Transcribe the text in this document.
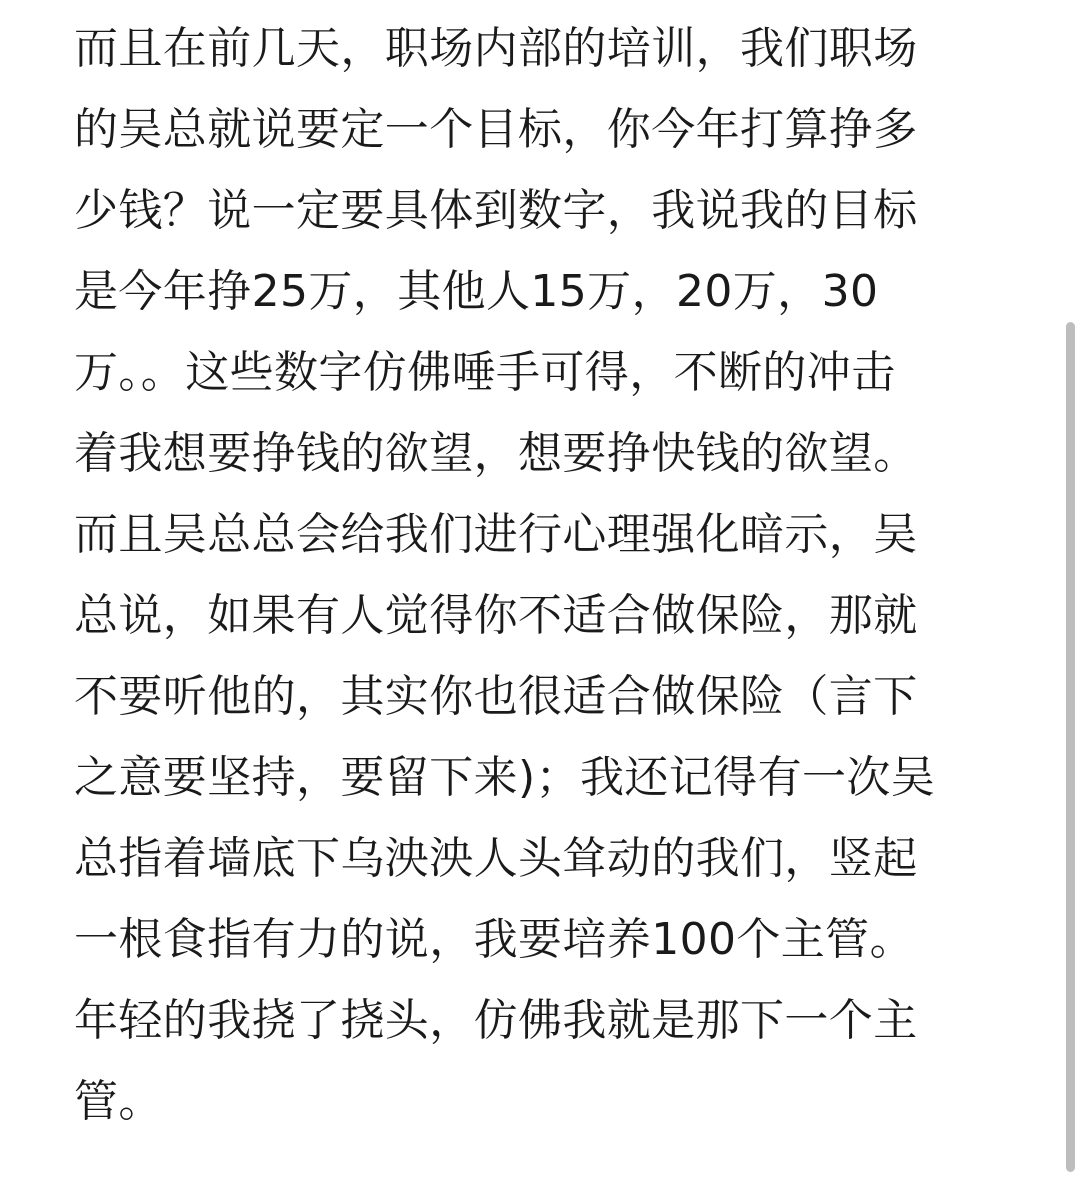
而且在前几天，职场内部的培训，我们职场
的吴总就说要定一个目标，你今年打算挣多
少钱？说一定要具体到数字，我说我的目标
是今年挣25万，其他人15万，20万，30
万。。这些数字仿佛唾手可得，不断的冲击
着我想要挣钱的欲望，想要挣快钱的欲望。
而且吴总总会给我们进行心理强化暗示，吴
总说，如果有人觉得你不适合做保险，那就
不要听他的，其实你也很适合做保险（言下
之意要坚持，要留下来)；我还记得有一次吴
总指着墙底下乌泱泱人头耸动的我们，竖起
一根食指有力的说，我要培养100个主管。
年轻的我挠了挠头，仿佛我就是那下一个主
管。
